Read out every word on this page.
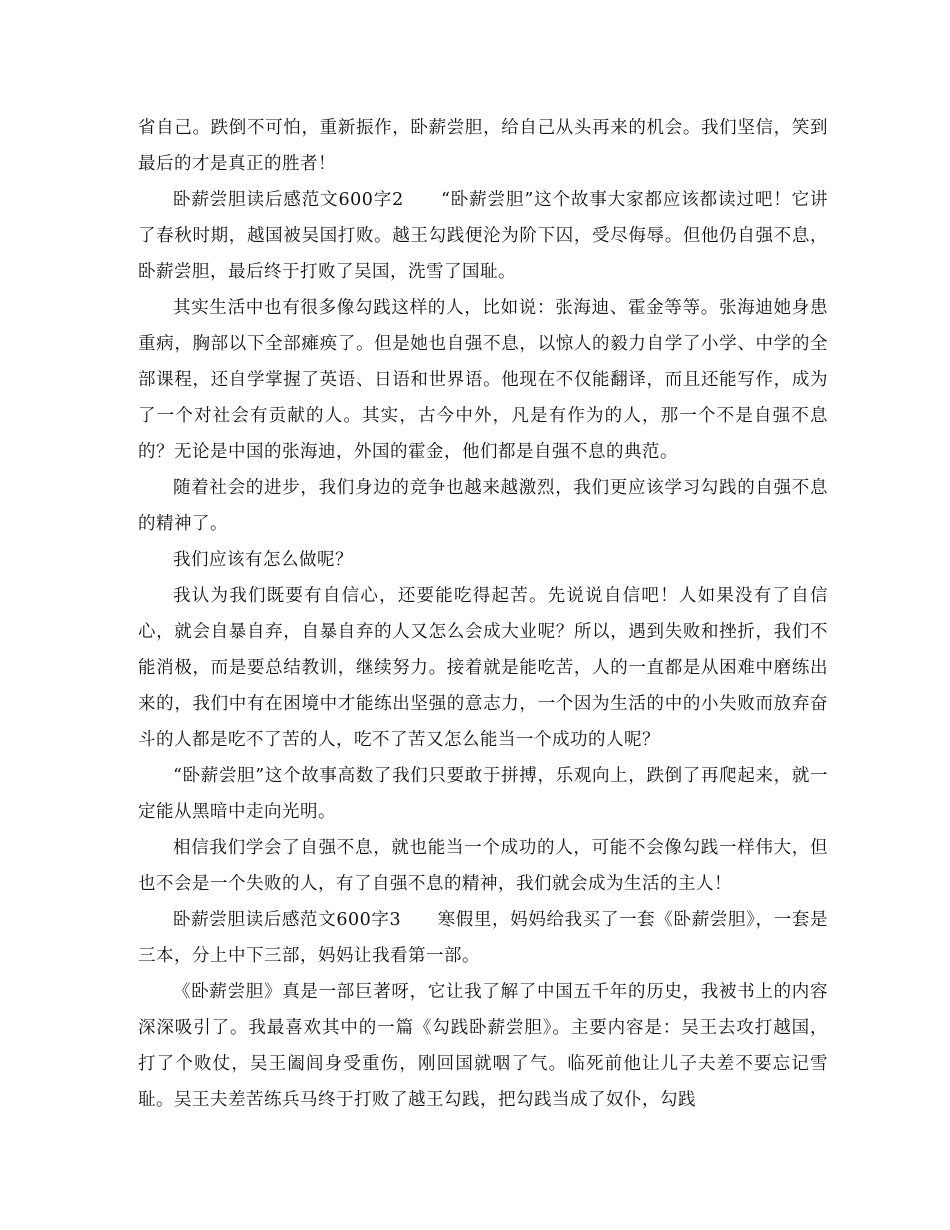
省自己。跌倒不可怕，重新振作，卧薪尝胆，给自己从头再来的机会。我们坚信，笑到最后的才是真正的胜者！

卧薪尝胆读后感范文600字2　　“卧薪尝胆”这个故事大家都应该都读过吧！它讲了春秋时期，越国被吴国打败。越王勾践便沦为阶下囚，受尽侮辱。但他仍自强不息，卧薪尝胆，最后终于打败了吴国，洗雪了国耻。

其实生活中也有很多像勾践这样的人，比如说：张海迪、霍金等等。张海迪她身患重病，胸部以下全部瘫痪了。但是她也自强不息，以惊人的毅力自学了小学、中学的全部课程，还自学掌握了英语、日语和世界语。他现在不仅能翻译，而且还能写作，成为了一个对社会有贡献的人。其实，古今中外，凡是有作为的人，那一个不是自强不息的？无论是中国的张海迪，外国的霍金，他们都是自强不息的典范。

随着社会的进步，我们身边的竞争也越来越激烈，我们更应该学习勾践的自强不息的精神了。

我们应该有怎么做呢？

我认为我们既要有自信心，还要能吃得起苦。先说说自信吧！人如果没有了自信心，就会自暴自弃，自暴自弃的人又怎么会成大业呢？所以，遇到失败和挫折，我们不能消极，而是要总结教训，继续努力。接着就是能吃苦，人的一直都是从困难中磨练出来的，我们中有在困境中才能练出坚强的意志力，一个因为生活的中的小失败而放弃奋斗的人都是吃不了苦的人，吃不了苦又怎么能当一个成功的人呢？

“卧薪尝胆”这个故事高数了我们只要敢于拼搏，乐观向上，跌倒了再爬起来，就一定能从黑暗中走向光明。

相信我们学会了自强不息，就也能当一个成功的人，可能不会像勾践一样伟大，但也不会是一个失败的人，有了自强不息的精神，我们就会成为生活的主人！

卧薪尝胆读后感范文600字3　　寒假里，妈妈给我买了一套《卧薪尝胆》，一套是三本，分上中下三部，妈妈让我看第一部。

《卧薪尝胆》真是一部巨著呀，它让我了解了中国五千年的历史，我被书上的内容深深吸引了。我最喜欢其中的一篇《勾践卧薪尝胆》。主要内容是：吴王去攻打越国，打了个败仗，吴王阖闾身受重伤，刚回国就咽了气。临死前他让儿子夫差不要忘记雪耻。吴王夫差苦练兵马终于打败了越王勾践，把勾践当成了奴仆，勾践
